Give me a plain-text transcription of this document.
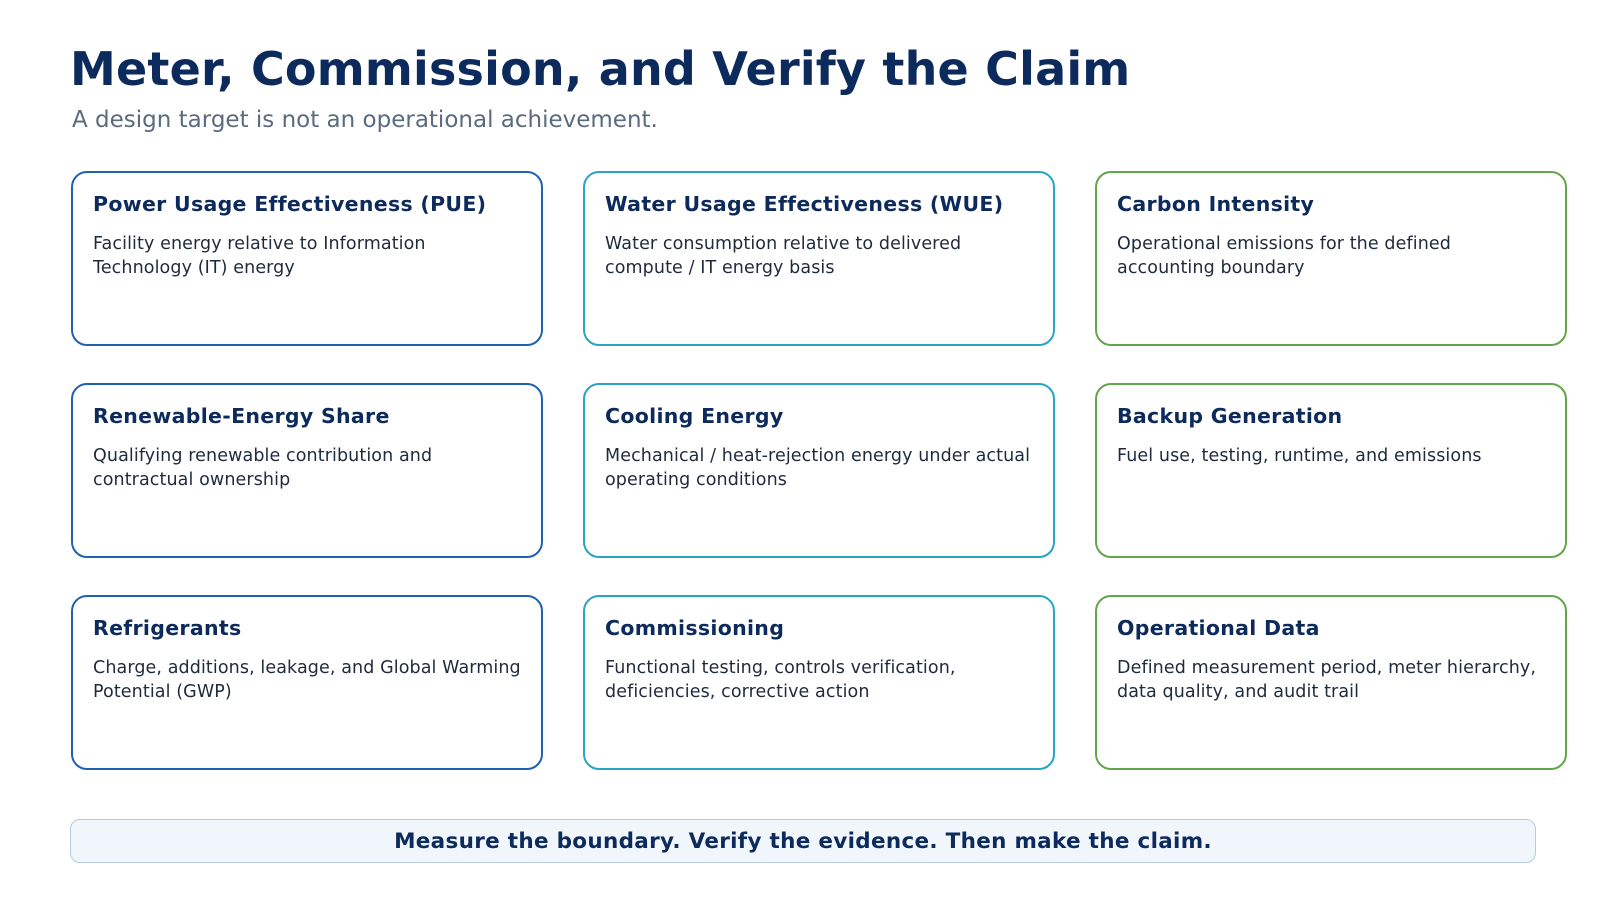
Meter, Commission, and Verify the Claim

A design target is not an operational achievement.

Power Usage Effectiveness (PUE)

Facility energy relative to Information Technology (IT) energy

Water Usage Effectiveness (WUE)

Water consumption relative to delivered compute / IT energy basis

Carbon Intensity

Operational emissions for the defined accounting boundary

Renewable-Energy Share

Qualifying renewable contribution and contractual ownership

Cooling Energy

Mechanical / heat-rejection energy under actual operating conditions

Backup Generation

Fuel use, testing, runtime, and emissions

Refrigerants

Charge, additions, leakage, and Global Warming Potential (GWP)

Commissioning

Functional testing, controls verification, deficiencies, corrective action

Operational Data

Defined measurement period, meter hierarchy, data quality, and audit trail

Measure the boundary. Verify the evidence. Then make the claim.
